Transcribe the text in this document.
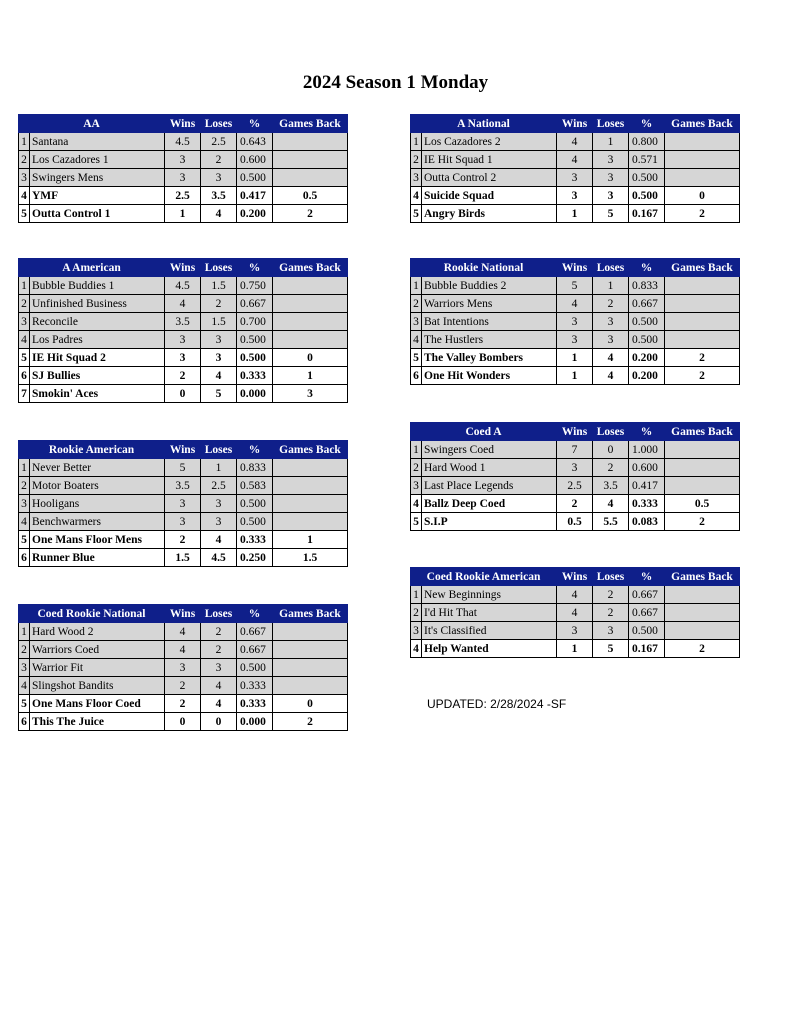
2024 Season 1 Monday
AA		Wins	Loses	%	Games Back
1	Santana	4.5	2.5	0.643	
2	Los Cazadores 1	3	2	0.600	
3	Swingers Mens	3	3	0.500	
4	YMF	2.5	3.5	0.417	0.5
5	Outta Control 1	1	4	0.200	2
A National		Wins	Loses	%	Games Back
1	Los Cazadores 2	4	1	0.800	
2	IE Hit Squad 1	4	3	0.571	
3	Outta Control 2	3	3	0.500	
4	Suicide Squad	3	3	0.500	0
5	Angry Birds	1	5	0.167	2
A American		Wins	Loses	%	Games Back
1	Bubble Buddies 1	4.5	1.5	0.750	
2	Unfinished Business	4	2	0.667	
3	Reconcile	3.5	1.5	0.700	
4	Los Padres	3	3	0.500	
5	IE Hit Squad 2	3	3	0.500	0
6	SJ Bullies	2	4	0.333	1
7	Smokin' Aces	0	5	0.000	3
Rookie National		Wins	Loses	%	Games Back
1	Bubble Buddies 2	5	1	0.833	
2	Warriors Mens	4	2	0.667	
3	Bat Intentions	3	3	0.500	
4	The Hustlers	3	3	0.500	
5	The Valley Bombers	1	4	0.200	2
6	One Hit Wonders	1	4	0.200	2
Rookie American		Wins	Loses	%	Games Back
1	Never Better	5	1	0.833	
2	Motor Boaters	3.5	2.5	0.583	
3	Hooligans	3	3	0.500	
4	Benchwarmers	3	3	0.500	
5	One Mans Floor Mens	2	4	0.333	1
6	Runner Blue	1.5	4.5	0.250	1.5
Coed A		Wins	Loses	%	Games Back
1	Swingers Coed	7	0	1.000	
2	Hard Wood 1	3	2	0.600	
3	Last Place Legends	2.5	3.5	0.417	
4	Ballz Deep Coed	2	4	0.333	0.5
5	S.I.P	0.5	5.5	0.083	2
Coed Rookie American		Wins	Loses	%	Games Back
1	New Beginnings	4	2	0.667	
2	I'd Hit That	4	2	0.667	
3	It's Classified	3	3	0.500	
4	Help Wanted	1	5	0.167	2
Coed Rookie National		Wins	Loses	%	Games Back
1	Hard Wood 2	4	2	0.667	
2	Warriors Coed	4	2	0.667	
3	Warrior Fit	3	3	0.500	
4	Slingshot Bandits	2	4	0.333	
5	One Mans Floor Coed	2	4	0.333	0
6	This The Juice	0	0	0.000	2
UPDATED: 2/28/2024 -SF
